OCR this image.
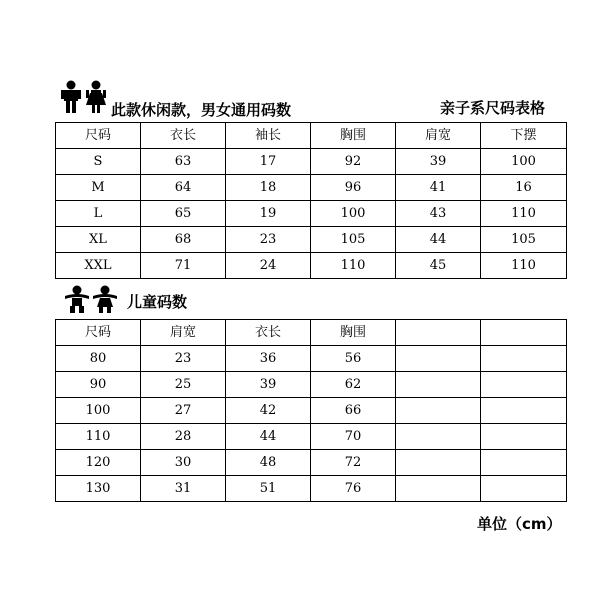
此款休闲款，男女通用码数	亲子系尺码表格
尺码	衣长	袖长	胸围	肩宽	下摆
S	63	17	92	39	100
M	64	18	96	41	16
L	65	19	100	43	110
XL	68	23	105	44	105
XXL	71	24	110	45	110
儿童码数
尺码	肩宽	衣长	胸围		
80	23	36	56		
90	25	39	62		
100	27	42	66		
110	28	44	70		
120	30	48	72		
130	31	51	76		
单位（cm）
